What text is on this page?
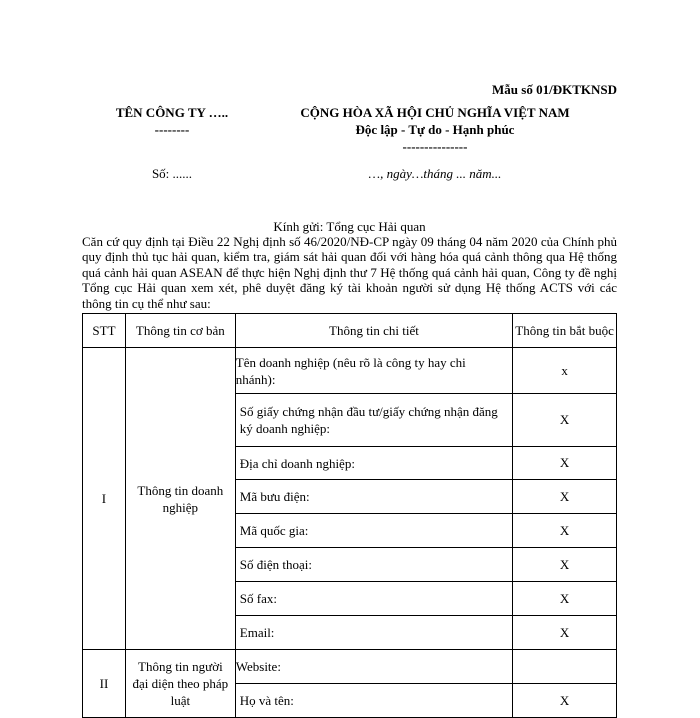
Mẫu số 01/ĐKTKNSD
TÊN CÔNG TY …..
--------
CỘNG HÒA XÃ HỘI CHỦ NGHĨA VIỆT NAM
Độc lập - Tự do - Hạnh phúc
---------------
Số: ......	…, ngày…tháng ... năm...
Kính gửi: Tổng cục Hải quan
Căn cứ quy định tại Điều 22 Nghị định số 46/2020/NĐ-CP ngày 09 tháng 04 năm 2020 của Chính phủ quy định thủ tục hải quan, kiểm tra, giám sát hải quan đối với hàng hóa quá cảnh thông qua Hệ thống quá cảnh hải quan ASEAN để thực hiện Nghị định thư 7 Hệ thống quá cảnh hải quan, Công ty đề nghị Tổng cục Hải quan xem xét, phê duyệt đăng ký tài khoản người sử dụng Hệ thống ACTS với các thông tin cụ thể như sau:
STT	Thông tin cơ bản	Thông tin chi tiết	Thông tin bắt buộc
I	Thông tin doanh nghiệp	Tên doanh nghiệp (nêu rõ là công ty hay chi nhánh):	x
		Số giấy chứng nhận đầu tư/giấy chứng nhận đăng ký doanh nghiệp:	X
		Địa chỉ doanh nghiệp:	X
		Mã bưu điện:	X
		Mã quốc gia:	X
		Số điện thoại:	X
		Số fax:	X
		Email:	X
II	Thông tin người đại diện theo pháp luật	Website:	
		Họ và tên:	X
